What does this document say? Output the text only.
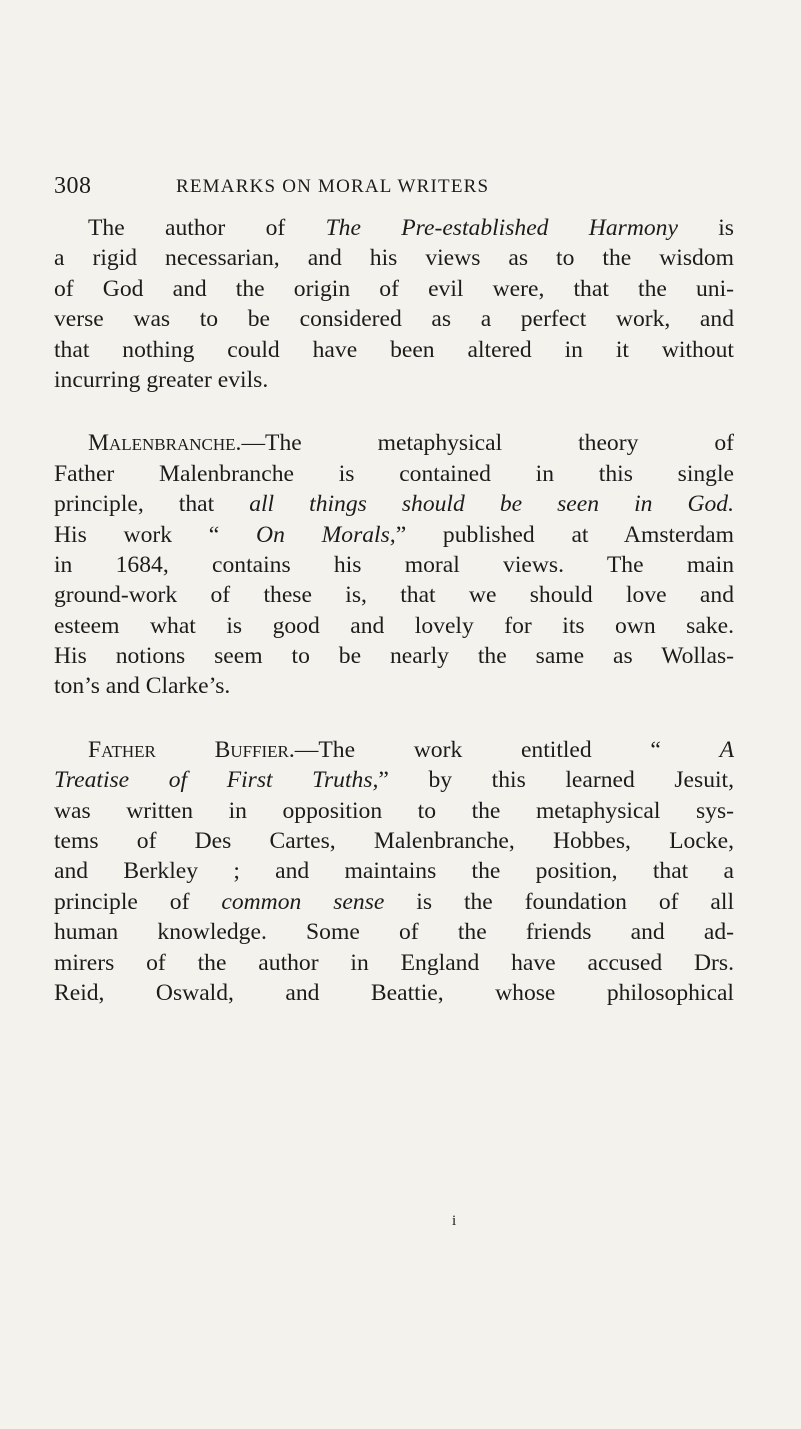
308	REMARKS ON MORAL WRITERS
The author of The Pre-established Harmony is
a rigid necessarian, and his views as to the wisdom
of God and the origin of evil were, that the uni-
verse was to be considered as a perfect work, and
that nothing could have been altered in it without
incurring greater evils.
Malenbranche.—The metaphysical theory of
Father Malenbranche is contained in this single
principle, that all things should be seen in God.
His work “ On Morals,” published at Amsterdam
in 1684, contains his moral views. The main
ground-work of these is, that we should love and
esteem what is good and lovely for its own sake.
His notions seem to be nearly the same as Wollas-
ton’s and Clarke’s.
Father Buffier.—The work entitled “ A
Treatise of First Truths,” by this learned Jesuit,
was written in opposition to the metaphysical sys-
tems of Des Cartes, Malenbranche, Hobbes, Locke,
and Berkley ; and maintains the position, that a
principle of common sense is the foundation of all
human knowledge. Some of the friends and ad-
mirers of the author in England have accused Drs.
Reid, Oswald, and Beattie, whose philosophical
i
